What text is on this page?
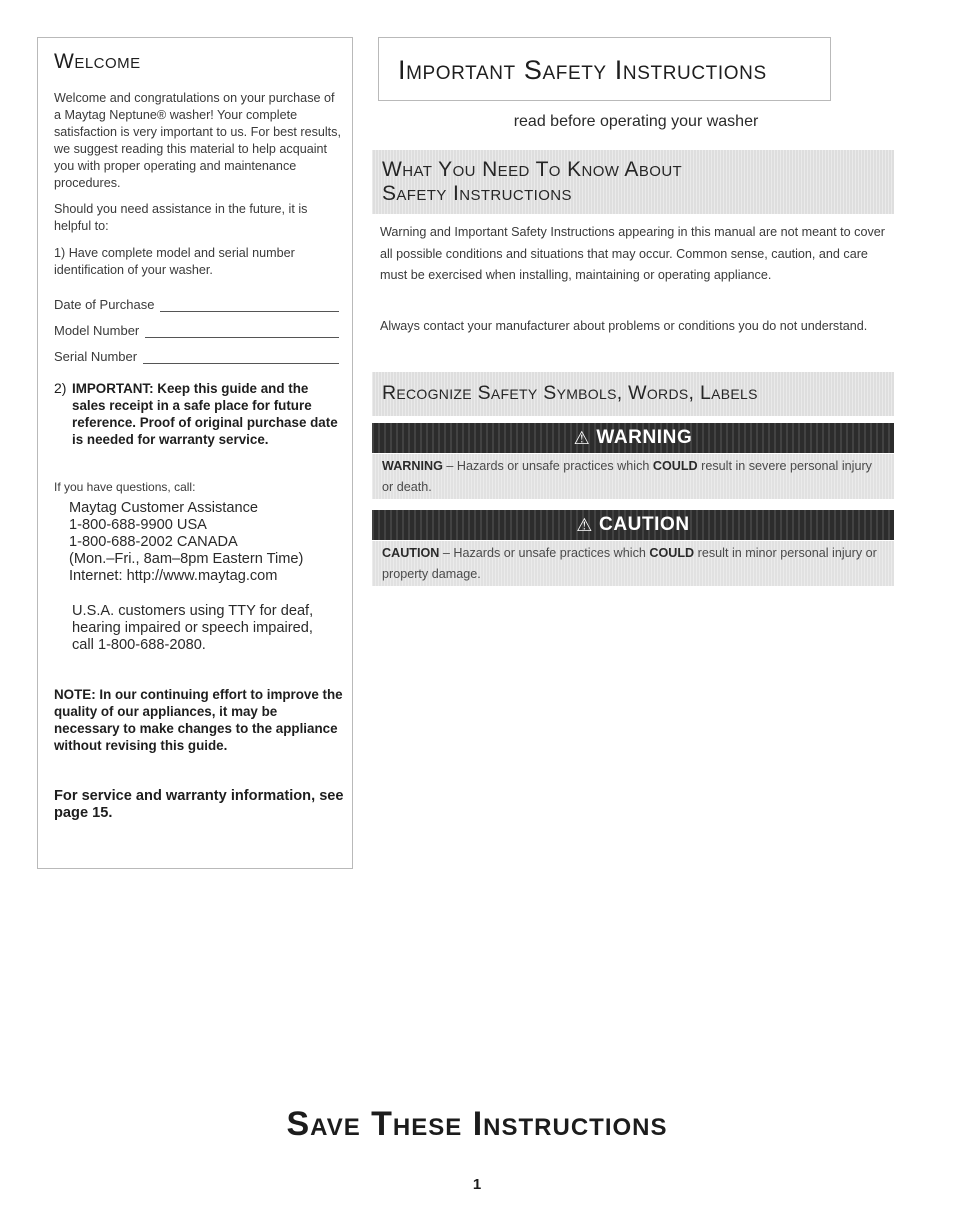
Welcome

Welcome and congratulations on your purchase of a Maytag Neptune® washer! Your complete satisfaction is very important to us. For best results, we suggest reading this material to help acquaint you with proper operating and maintenance procedures.

Should you need assistance in the future, it is helpful to:

1) Have complete model and serial number identification of your washer.

Date of Purchase
Model Number
Serial Number
2) IMPORTANT: Keep this guide and the sales receipt in a safe place for future reference. Proof of original purchase date is needed for warranty service.

If you have questions, call:

Maytag Customer Assistance
1-800-688-9900 USA
1-800-688-2002 CANADA
(Mon.–Fri., 8am–8pm Eastern Time)
Internet: http://www.maytag.com

U.S.A. customers using TTY for deaf, hearing impaired or speech impaired, call 1-800-688-2080.

NOTE: In our continuing effort to improve the quality of our appliances, it may be necessary to make changes to the appliance without revising this guide.

For service and warranty information, see page 15.

Important Safety Instructions

read before operating your washer

What You Need To Know About
Safety Instructions

Warning and Important Safety Instructions appearing in this manual are not meant to cover all possible conditions and situations that may occur. Common sense, caution, and care must be exercised when installing, maintaining or operating appliance.

Always contact your manufacturer about problems or conditions you do not understand.

Recognize Safety Symbols, Words, Labels
⚠ WARNING
WARNING – Hazards or unsafe practices which COULD result in severe personal injury or death.
⚠ CAUTION
CAUTION – Hazards or unsafe practices which COULD result in minor personal injury or property damage.

Save These Instructions

1
